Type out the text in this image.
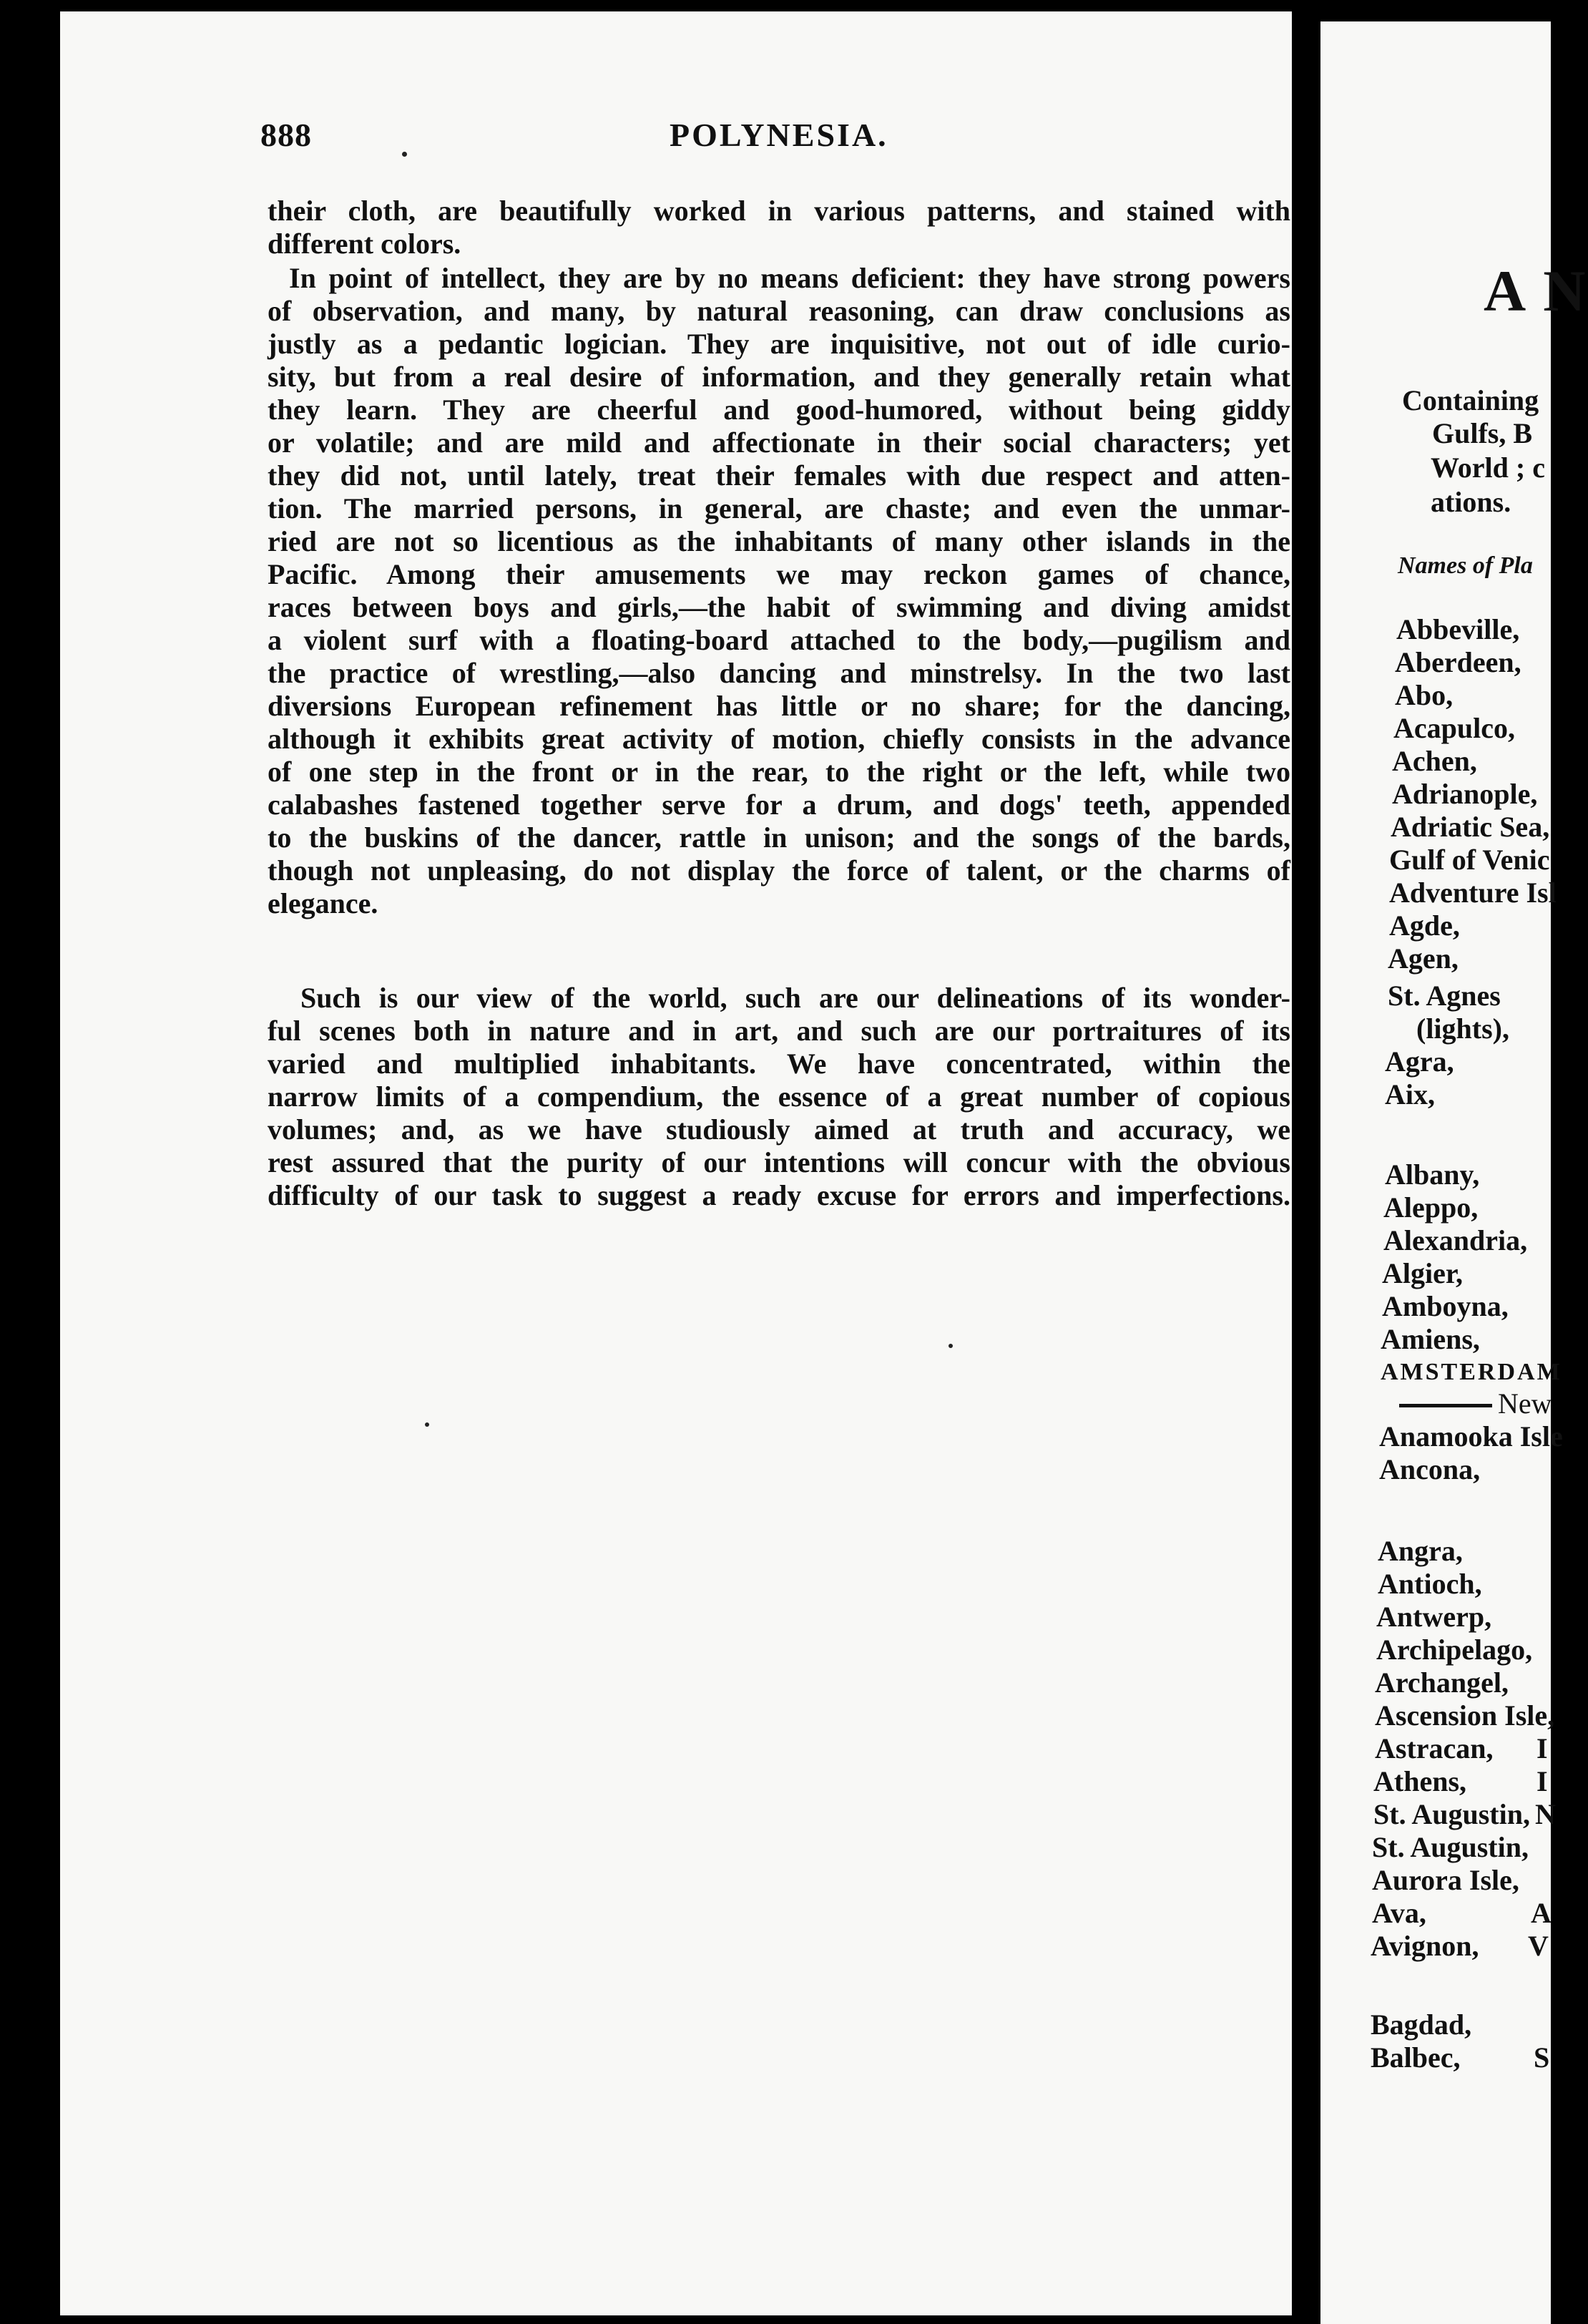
888	POLYNESIA.
their cloth, are beautifully worked in various patterns, and stained with
different colors.
In point of intellect, they are by no means deficient: they have strong powers
of observation, and many, by natural reasoning, can draw conclusions as
justly as a pedantic logician. They are inquisitive, not out of idle curio-
sity, but from a real desire of information, and they generally retain what
they learn. They are cheerful and good-humored, without being giddy
or volatile; and are mild and affectionate in their social characters; yet
they did not, until lately, treat their females with due respect and atten-
tion. The married persons, in general, are chaste; and even the unmar-
ried are not so licentious as the inhabitants of many other islands in the
Pacific. Among their amusements we may reckon games of chance,
races between boys and girls,—the habit of swimming and diving amidst
a violent surf with a floating-board attached to the body,—pugilism and
the practice of wrestling,—also dancing and minstrelsy. In the two last
diversions European refinement has little or no share; for the dancing,
although it exhibits great activity of motion, chiefly consists in the advance
of one step in the front or in the rear, to the right or the left, while two
calabashes fastened together serve for a drum, and dogs' teeth, appended
to the buskins of the dancer, rattle in unison; and the songs of the bards,
though not unpleasing, do not display the force of talent, or the charms of
elegance.
Such is our view of the world, such are our delineations of its wonder-
ful scenes both in nature and in art, and such are our portraitures of its
varied and multiplied inhabitants. We have concentrated, within the
narrow limits of a compendium, the essence of a great number of copious
volumes; and, as we have studiously aimed at truth and accuracy, we
rest assured that the purity of our intentions will concur with the obvious
difficulty of our task to suggest a ready excuse for errors and imperfections.
A N
Containing
Gulfs, B
World ; c
ations.
Names of Pla
Abbeville,
Aberdeen,
Abo,
Acapulco,
Achen,
Adrianople,
Adriatic Sea,
Gulf of Venic
Adventure Isl
Agde,
Agen,
St. Agnes
(lights),
Agra,
Aix,
Albany,
Aleppo,
Alexandria,
Algier,
Amboyna,
Amiens,
AMSTERDAM
New
Anamooka Isle
Ancona,
Angra,
Antioch,
Antwerp,
Archipelago,
Archangel,
Ascension Isle,
Astracan,
Athens,
St. Augustin,
St. Augustin,
Aurora Isle,
Ava,
Avignon,
Bagdad,
Balbec,
I
I
N
A
V
S
